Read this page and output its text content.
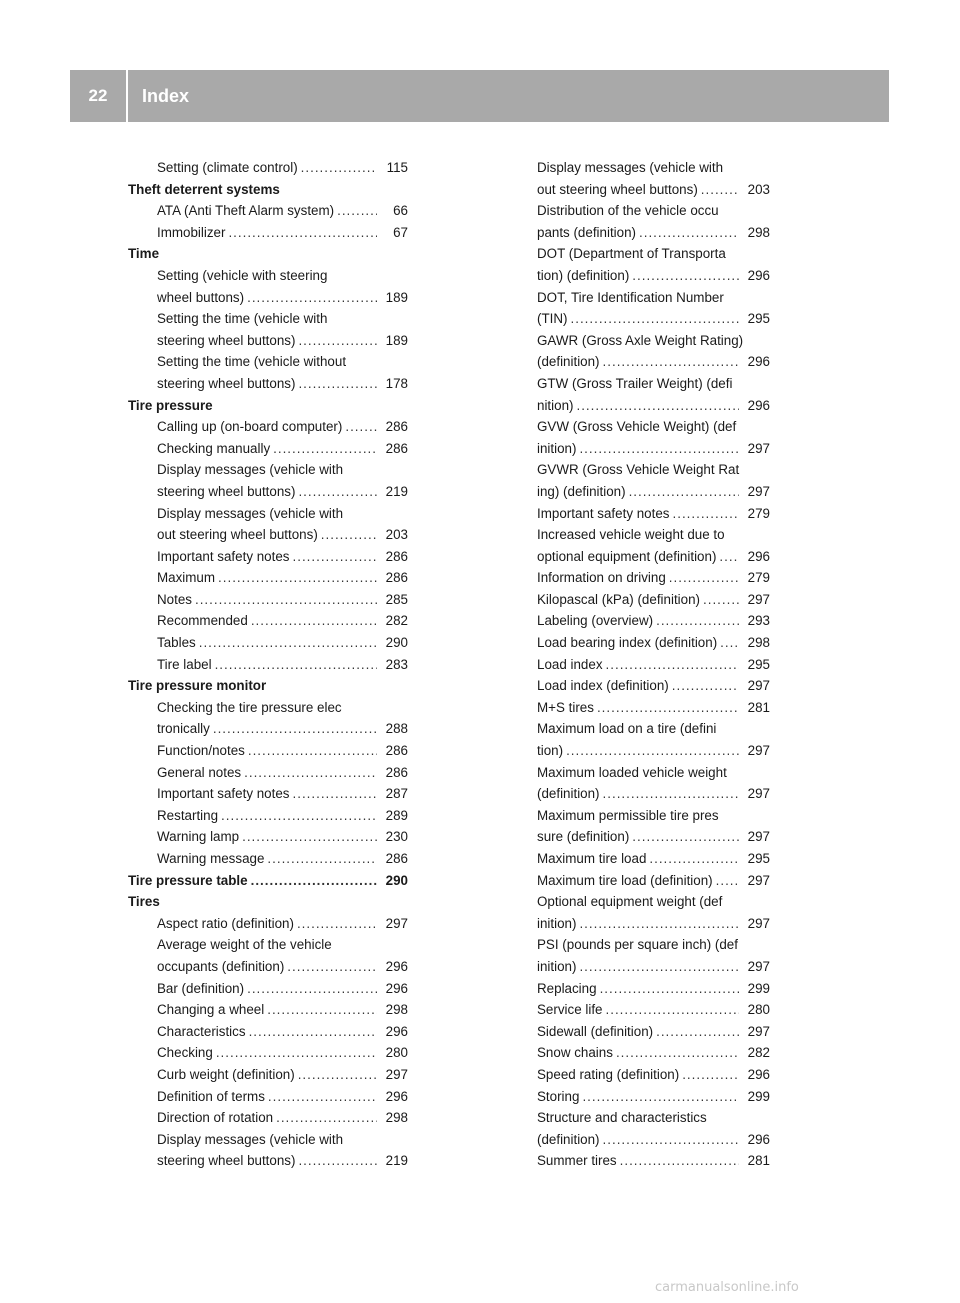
22	Index
Setting (climate control) .....	115
Theft deterrent systems
ATA (Anti Theft Alarm system) .....	66
Immobilizer .....	67
Time
Setting (vehicle with steering
wheel buttons) .....	189
Setting the time (vehicle with
steering wheel buttons) .....	189
Setting the time (vehicle without
steering wheel buttons) .....	178
Tire pressure
Calling up (on-board computer) .....	286
Checking manually .....	286
Display messages (vehicle with
steering wheel buttons) .....	219
Display messages (vehicle with
out steering wheel buttons) .....	203
Important safety notes .....	286
Maximum .....	286
Notes .....	285
Recommended .....	282
Tables .....	290
Tire label .....	283
Tire pressure monitor
Checking the tire pressure elec
tronically .....	288
Function/notes .....	286
General notes .....	286
Important safety notes .....	287
Restarting .....	289
Warning lamp .....	230
Warning message .....	286
Tire pressure table .....	290
Tires
Aspect ratio (definition) .....	297
Average weight of the vehicle
occupants (definition) .....	296
Bar (definition) .....	296
Changing a wheel .....	298
Characteristics .....	296
Checking .....	280
Curb weight (definition) .....	297
Definition of terms .....	296
Direction of rotation .....	298
Display messages (vehicle with
steering wheel buttons) .....	219
Display messages (vehicle with
out steering wheel buttons) .....	203
Distribution of the vehicle occu
pants (definition) .....	298
DOT (Department of Transporta
tion) (definition) .....	296
DOT, Tire Identification Number
(TIN) .....	295
GAWR (Gross Axle Weight Rating)
(definition) .....	296
GTW (Gross Trailer Weight) (defi
nition) .....	296
GVW (Gross Vehicle Weight) (def
inition) .....	297
GVWR (Gross Vehicle Weight Rat
ing) (definition) .....	297
Important safety notes .....	279
Increased vehicle weight due to
optional equipment (definition) .....	296
Information on driving .....	279
Kilopascal (kPa) (definition) .....	297
Labeling (overview) .....	293
Load bearing index (definition) .....	298
Load index .....	295
Load index (definition) .....	297
M+S tires .....	281
Maximum load on a tire (defini
tion) .....	297
Maximum loaded vehicle weight
(definition) .....	297
Maximum permissible tire pres
sure (definition) .....	297
Maximum tire load .....	295
Maximum tire load (definition) .....	297
Optional equipment weight (def
inition) .....	297
PSI (pounds per square inch) (def
inition) .....	297
Replacing .....	299
Service life .....	280
Sidewall (definition) .....	297
Snow chains .....	282
Speed rating (definition) .....	296
Storing .....	299
Structure and characteristics
(definition) .....	296
Summer tires .....	281
carmanualsonline.info
